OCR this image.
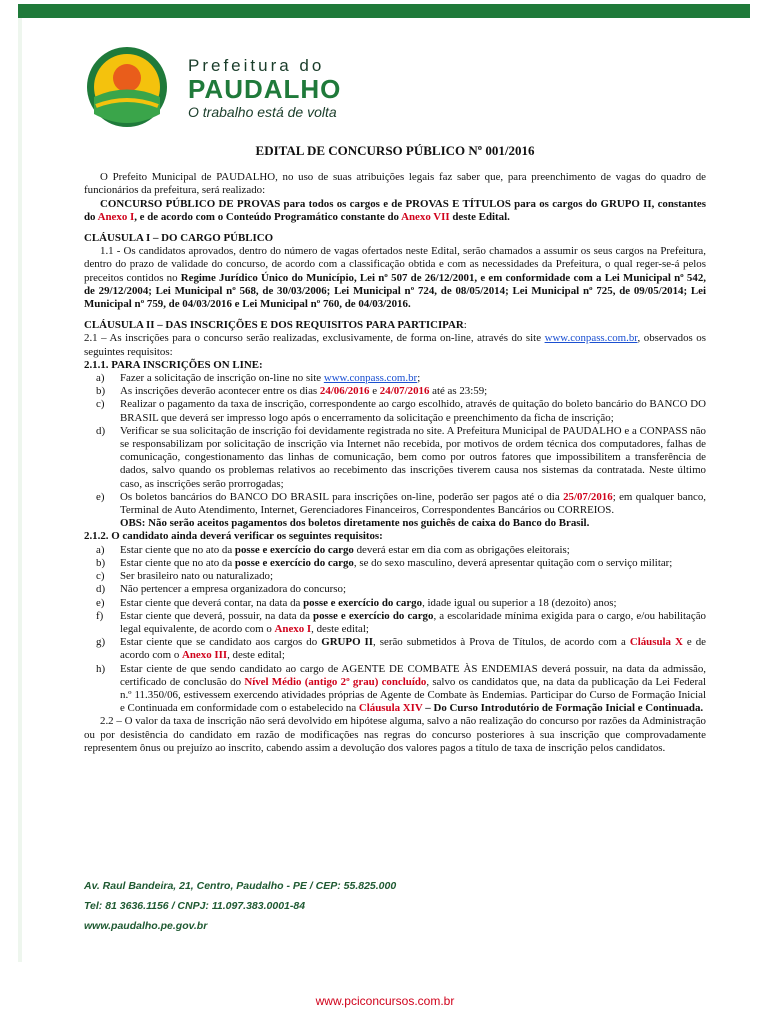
Prefeitura do
PAUDALHO
O trabalho está de volta

EDITAL DE CONCURSO PÚBLICO Nº 001/2016

O Prefeito Municipal de PAUDALHO, no uso de suas atribuições legais faz saber que, para preenchimento de vagas do quadro de funcionários da prefeitura, será realizado:

CONCURSO PÚBLICO DE PROVAS para todos os cargos e de PROVAS E TÍTULOS para os cargos do GRUPO II, constantes do Anexo I, e de acordo com o Conteúdo Programático constante do Anexo VII deste Edital.

CLÁUSULA I – DO CARGO PÚBLICO

1.1 - Os candidatos aprovados, dentro do número de vagas ofertados neste Edital, serão chamados a assumir os seus cargos na Prefeitura, dentro do prazo de validade do concurso, de acordo com a classificação obtida e com as necessidades da Prefeitura, o qual reger-se-á pelos preceitos contidos no Regime Jurídico Único do Município, Lei nº 507 de 26/12/2001, e em conformidade com a Lei Municipal nº 542, de 29/12/2004; Lei Municipal nº 568, de 30/03/2006; Lei Municipal nº 724, de 08/05/2014; Lei Municipal nº 725, de 09/05/2014; Lei Municipal nº 759, de 04/03/2016 e Lei Municipal nº 760, de 04/03/2016.

CLÁUSULA II – DAS INSCRIÇÕES E DOS REQUISITOS PARA PARTICIPAR:

2.1 – As inscrições para o concurso serão realizadas, exclusivamente, de forma on-line, através do site www.conpass.com.br, observados os seguintes requisitos:

2.1.1. PARA INSCRIÇÕES ON LINE:

a)	Fazer a solicitação de inscrição on-line no site www.conpass.com.br;
b)	As inscrições deverão acontecer entre os dias 24/06/2016 e 24/07/2016 até as 23:59;
c)	Realizar o pagamento da taxa de inscrição, correspondente ao cargo escolhido, através de quitação do boleto bancário do BANCO DO BRASIL que deverá ser impresso logo após o encerramento da solicitação e preenchimento da ficha de inscrição;
d)	Verificar se sua solicitação de inscrição foi devidamente registrada no site. A Prefeitura Municipal de PAUDALHO e a CONPASS não se responsabilizam por solicitação de inscrição via Internet não recebida, por motivos de ordem técnica dos computadores, falhas de comunicação, congestionamento das linhas de comunicação, bem como por outros fatores que impossibilitem a transferência de dados, salvo quando os problemas relativos ao recebimento das inscrições tiverem causa nos sistemas da contratada. Neste último caso, as inscrições serão prorrogadas;
e)	Os boletos bancários do BANCO DO BRASIL para inscrições on-line, poderão ser pagos até o dia 25/07/2016; em qualquer banco, Terminal de Auto Atendimento, Internet, Gerenciadores Financeiros, Correspondentes Bancários ou CORREIOS.

OBS: Não serão aceitos pagamentos dos boletos diretamente nos guichês de caixa do Banco do Brasil.

2.1.2. O candidato ainda deverá verificar os seguintes requisitos:

a)	Estar ciente que no ato da posse e exercício do cargo deverá estar em dia com as obrigações eleitorais;
b)	Estar ciente que no ato da posse e exercício do cargo, se do sexo masculino, deverá apresentar quitação com o serviço militar;
c)	Ser brasileiro nato ou naturalizado;
d)	Não pertencer a empresa organizadora do concurso;
e)	Estar ciente que deverá contar, na data da posse e exercício do cargo, idade igual ou superior a 18 (dezoito) anos;
f)	Estar ciente que deverá, possuir, na data da posse e exercício do cargo, a escolaridade mínima exigida para o cargo, e/ou habilitação legal equivalente, de acordo com o Anexo I, deste edital;
g)	Estar ciente que se candidato aos cargos do GRUPO II, serão submetidos à Prova de Títulos, de acordo com a Cláusula X e de acordo com o Anexo III, deste edital;
h)	Estar ciente de que sendo candidato ao cargo de AGENTE DE COMBATE ÀS ENDEMIAS deverá possuir, na data da admissão, certificado de conclusão do Nível Médio (antigo 2º grau) concluído, salvo os candidatos que, na data da publicação da Lei Federal n.º 11.350/06, estivessem exercendo atividades próprias de Agente de Combate às Endemias. Participar do Curso de Formação Inicial e Continuada em conformidade com o estabelecido na Cláusula XIV – Do Curso Introdutório de Formação Inicial e Continuada.

2.2 – O valor da taxa de inscrição não será devolvido em hipótese alguma, salvo a não realização do concurso por razões da Administração ou por desistência do candidato em razão de modificações nas regras do concurso posteriores à sua inscrição que comprovadamente representem ônus ou prejuízo ao inscrito, cabendo assim a devolução dos valores pagos a título de taxa de inscrição pelos candidatos.

Av. Raul Bandeira, 21, Centro, Paudalho - PE / CEP: 55.825.000
Tel: 81 3636.1156 / CNPJ: 11.097.383.0001-84
www.paudalho.pe.gov.br
www.pciconcursos.com.br
